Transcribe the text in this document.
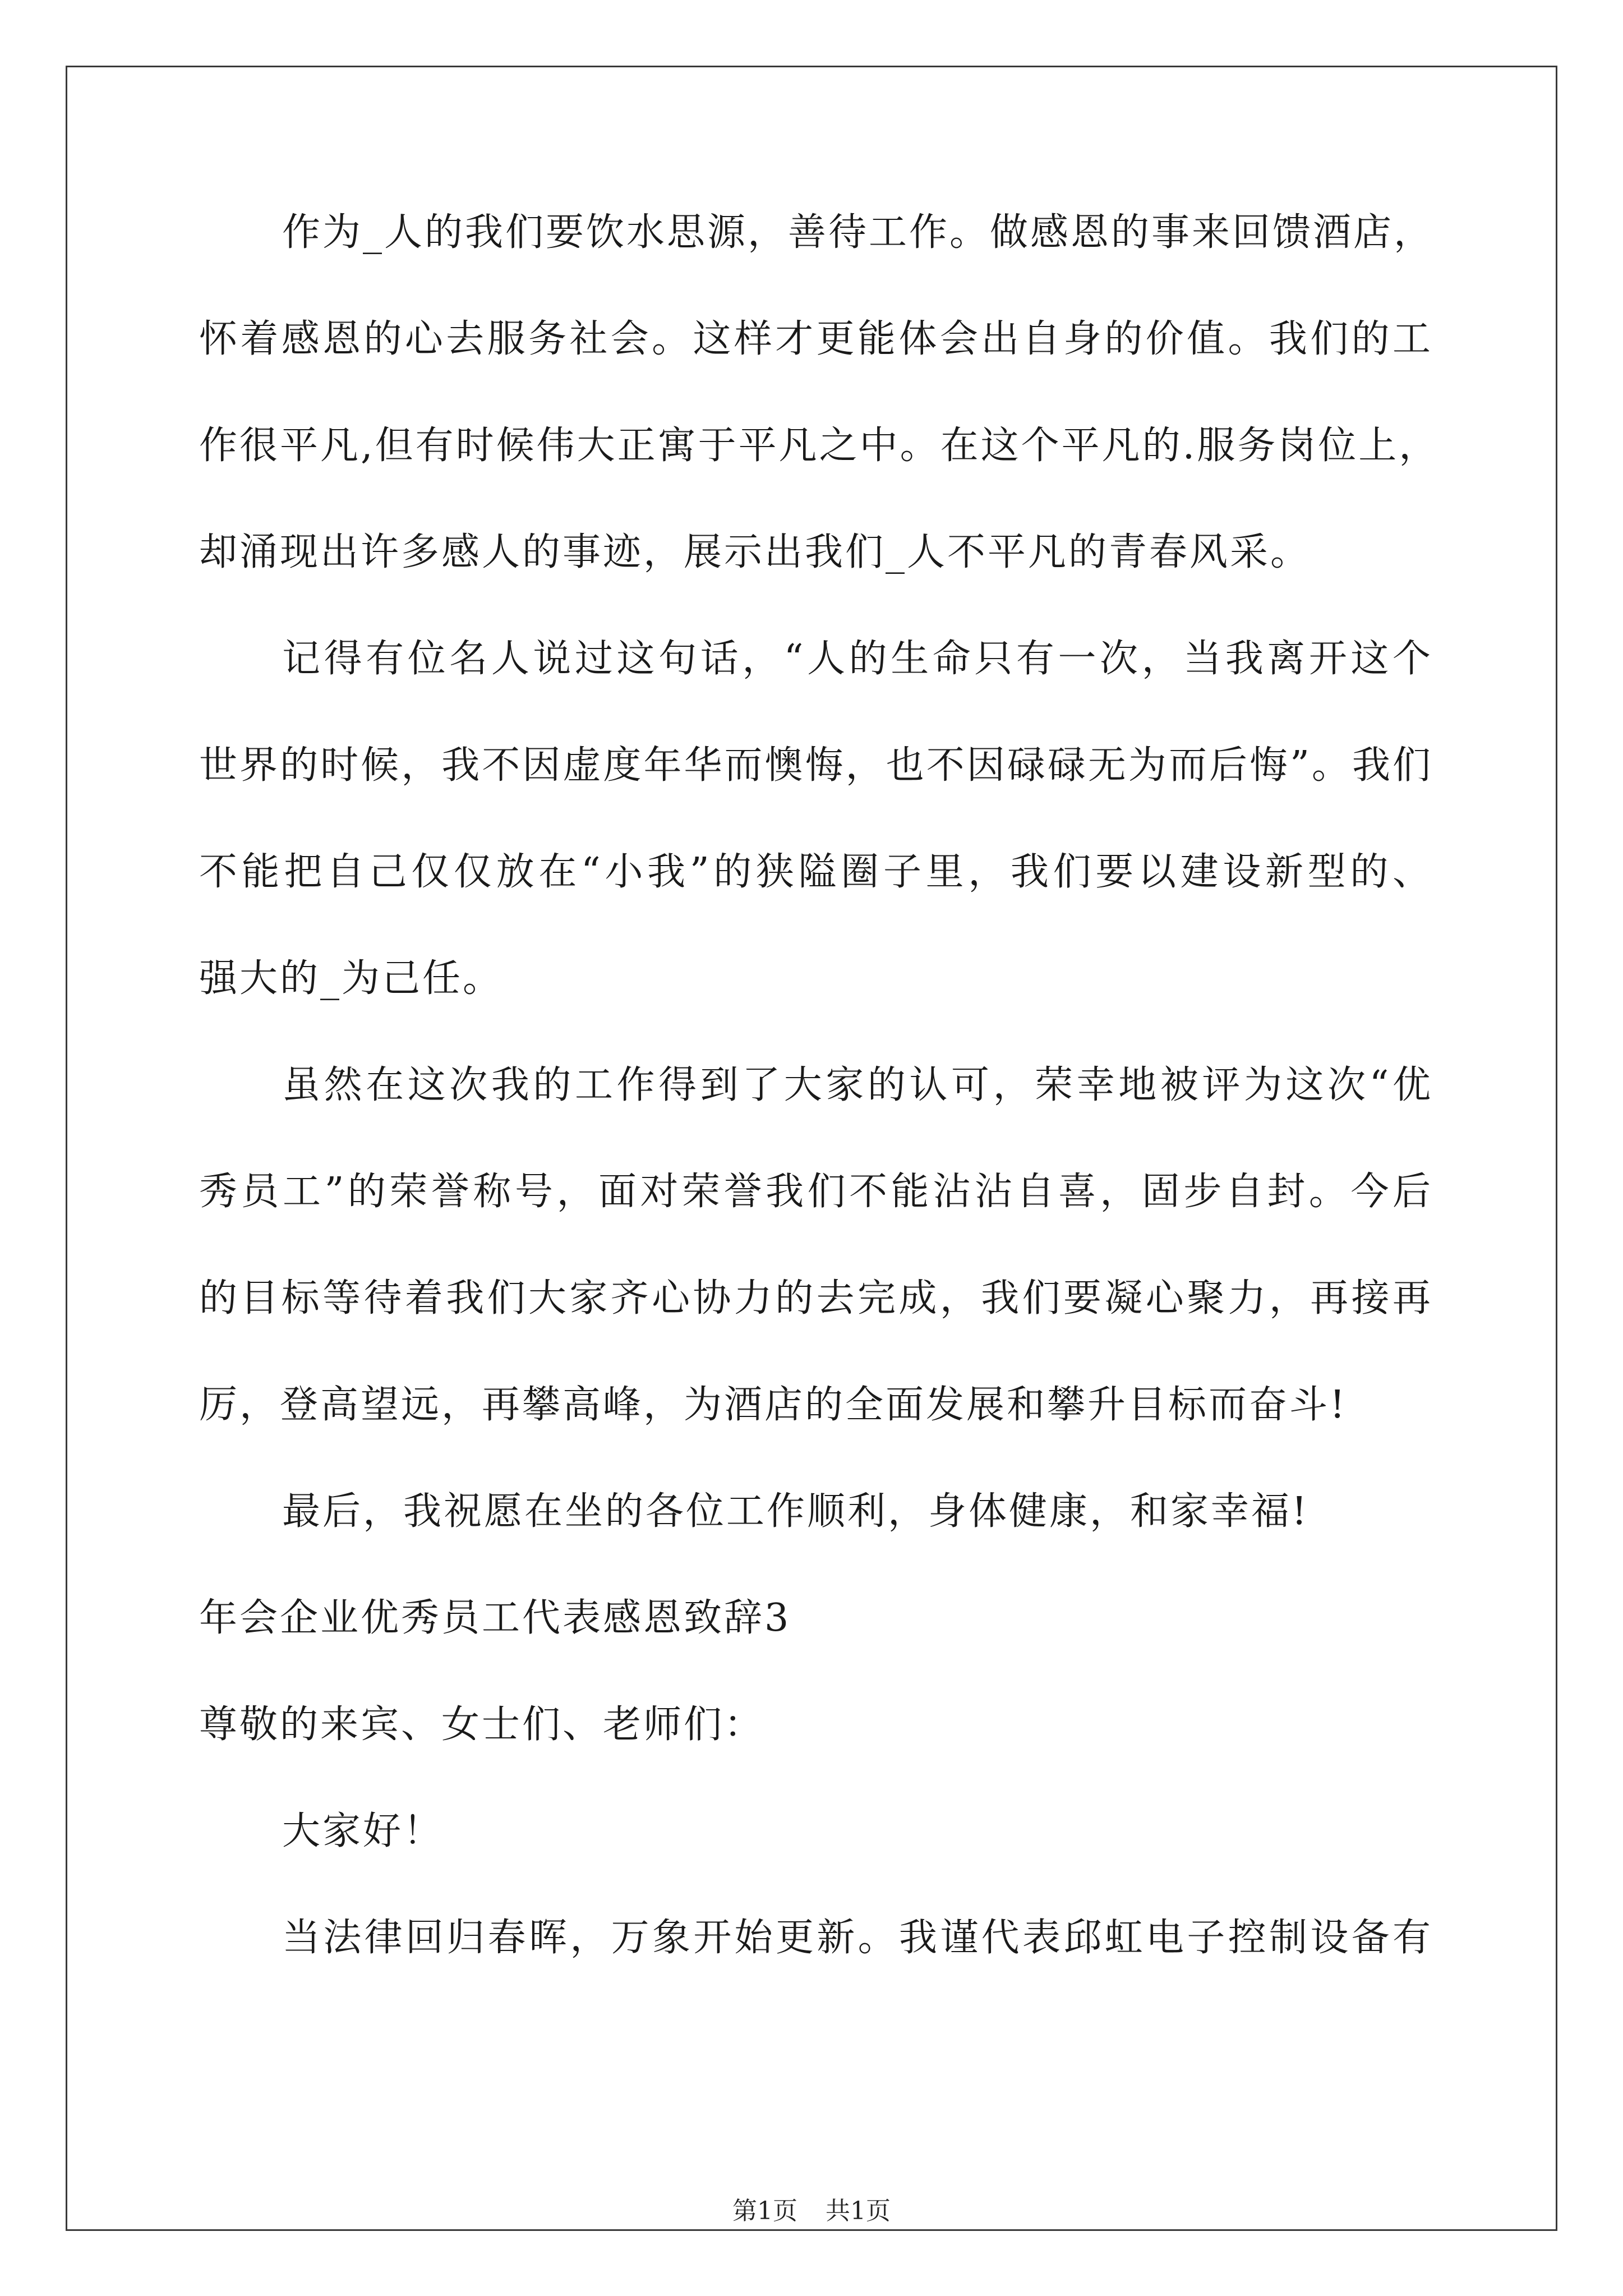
作为_人的我们要饮水思源，善待工作。做感恩的事来回馈酒店，
怀着感恩的心去服务社会。这样才更能体会出自身的价值。我们的工
作很平凡,但有时候伟大正寓于平凡之中。在这个平凡的.服务岗位上，
却涌现出许多感人的事迹，展示出我们_人不平凡的青春风采。
记得有位名人说过这句话，“人的生命只有一次，当我离开这个
世界的时候，我不因虚度年华而懊悔，也不因碌碌无为而后悔”。我们
不能把自己仅仅放在“小我”的狭隘圈子里，我们要以建设新型的、
强大的_为己任。
虽然在这次我的工作得到了大家的认可，荣幸地被评为这次“优
秀员工”的荣誉称号，面对荣誉我们不能沾沾自喜，固步自封。今后
的目标等待着我们大家齐心协力的去完成，我们要凝心聚力，再接再
厉，登高望远，再攀高峰，为酒店的全面发展和攀升目标而奋斗!
最后，我祝愿在坐的各位工作顺利，身体健康，和家幸福!
年会企业优秀员工代表感恩致辞3
尊敬的来宾、女士们、老师们：
大家好！
当法律回归春晖，万象开始更新。我谨代表邱虹电子控制设备有
第1页 共1页
